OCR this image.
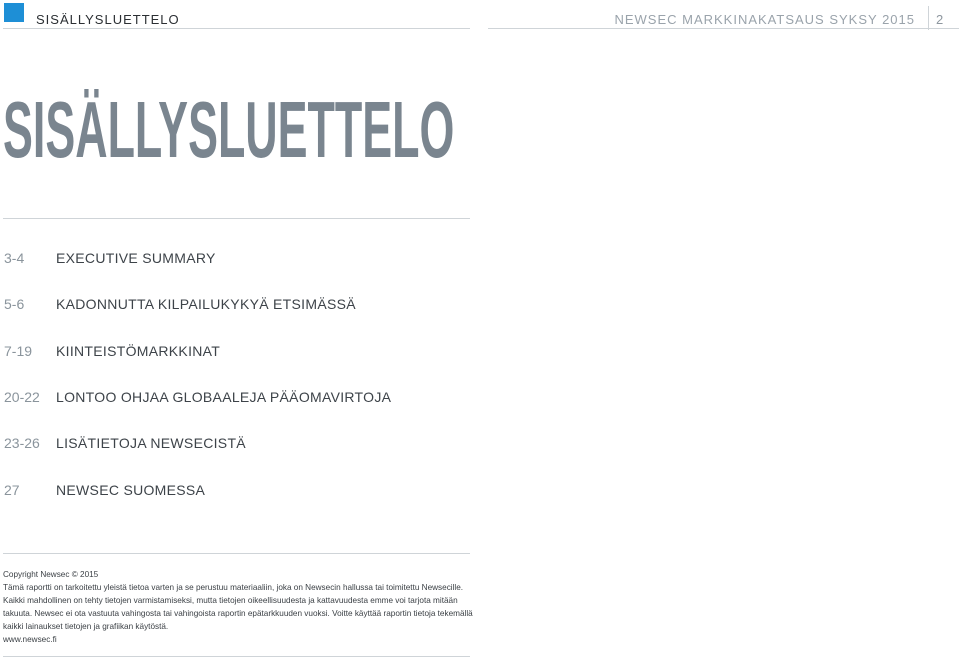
SISÄLLYSLUETTELO	NEWSEC MARKKINAKATSAUS SYKSY 2015 2
SISÄLLYSLUETTELO
3-4 EXECUTIVE SUMMARY
5-6 KADONNUTTA KILPAILUKYKYÄ ETSIMÄSSÄ
7-19 KIINTEISTÖMARKKINAT
20-22 LONTOO OHJAA GLOBAALEJA PÄÄOMAVIRTOJA
23-26 LISÄTIETOJA NEWSECISTÄ
27	NEWSEC SUOMESSA

Copyright Newsec © 2015

Tämä raportti on tarkoitettu yleistä tietoa varten ja se perustuu materiaaliin, joka on Newsecin hallussa tai toimitettu Newsecille. Kaikki mahdollinen on tehty tietojen varmistamiseksi, mutta tietojen oikeellisuudesta ja kattavuudesta emme voi tarjota mitään takuuta. Newsec ei ota vastuuta vahingosta tai vahingoista raportin epätarkkuuden vuoksi. Voitte käyttää raportin tietoja tekemällä kaikki lainaukset tietojen ja grafiikan käytöstä.

www.newsec.fi
